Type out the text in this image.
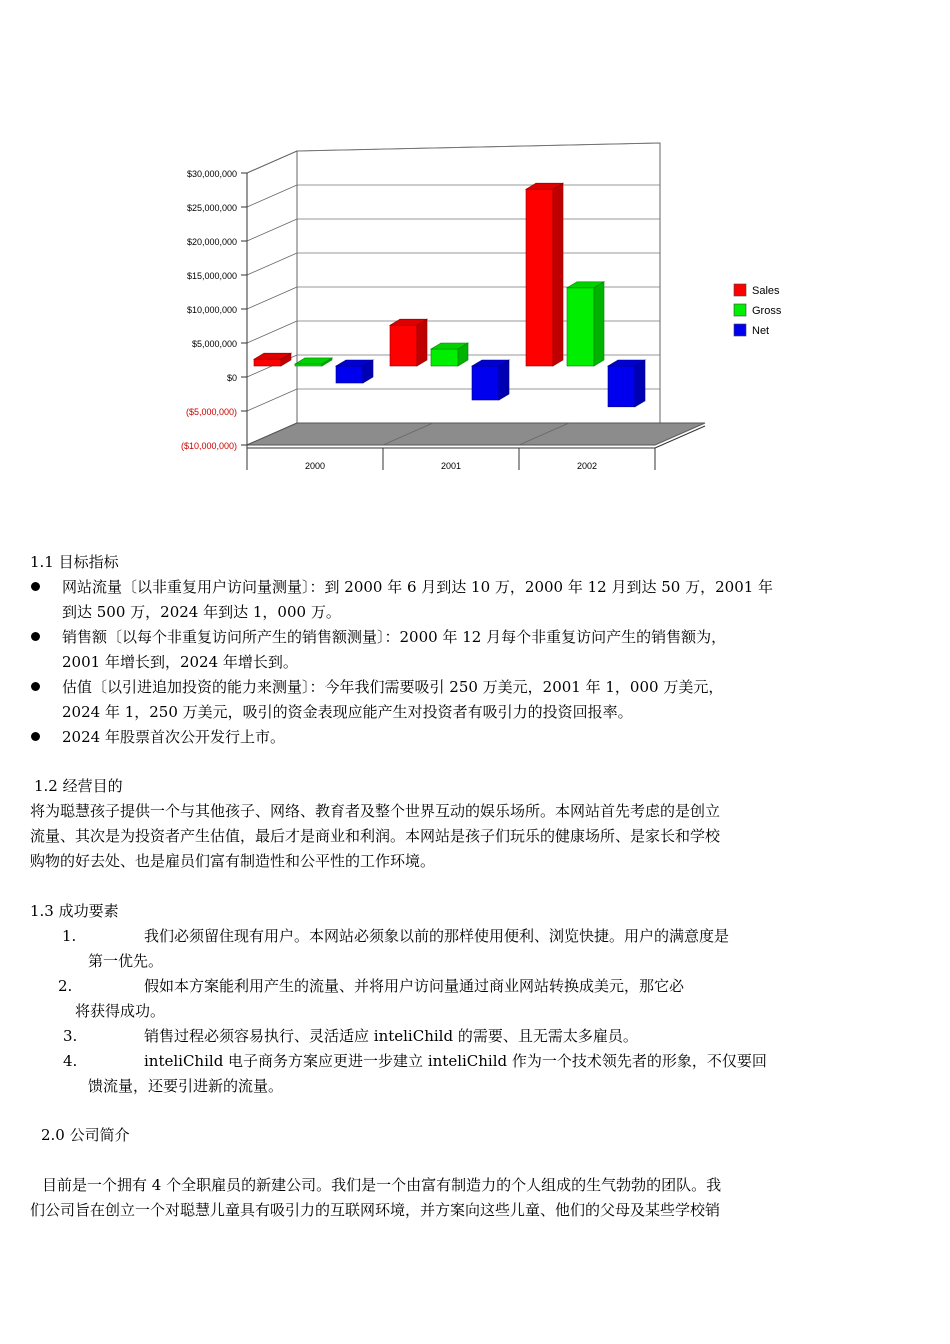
$30,000,000
$25,000,000
$20,000,000
$15,000,000
$10,000,000
$5,000,000
$0
($5,000,000)
($10,000,000)
2000	2001	2002
Sales
Gross
Net
1.1 目标指标
网站流量〔以非重复用户访问量测量〕：到 2000 年 6 月到达 10 万，2000 年 12 月到达 50 万，2001 年
到达 500 万，2024 年到达 1，000 万。
销售额〔以每个非重复访问所产生的销售额测量〕：2000 年 12 月每个非重复访问产生的销售额为，
2001 年增长到，2024 年增长到。
估值〔以引进追加投资的能力来测量〕：今年我们需要吸引 250 万美元，2001 年 1，000 万美元，
2024 年 1，250 万美元，吸引的资金表现应能产生对投资者有吸引力的投资回报率。
2024 年股票首次公开发行上市。
1.2 经营目的
将为聪慧孩子提供一个与其他孩子、网络、教育者及整个世界互动的娱乐场所。本网站首先考虑的是创立
流量、其次是为投资者产生估值，最后才是商业和利润。本网站是孩子们玩乐的健康场所、是家长和学校
购物的好去处、也是雇员们富有制造性和公平性的工作环境。
1.3 成功要素
1.	我们必须留住现有用户。本网站必须象以前的那样使用便利、浏览快捷。用户的满意度是
第一优先。
2.	假如本方案能利用产生的流量、并将用户访问量通过商业网站转换成美元，那它必
将获得成功。
3.	销售过程必须容易执行、灵活适应 inteliChild 的需要、且无需太多雇员。
4.	inteliChild 电子商务方案应更进一步建立 inteliChild 作为一个技术领先者的形象，不仅要回
馈流量，还要引进新的流量。
2.0 公司简介
目前是一个拥有 4 个全职雇员的新建公司。我们是一个由富有制造力的个人组成的生气勃勃的团队。我
们公司旨在创立一个对聪慧儿童具有吸引力的互联网环境，并方案向这些儿童、他们的父母及某些学校销
